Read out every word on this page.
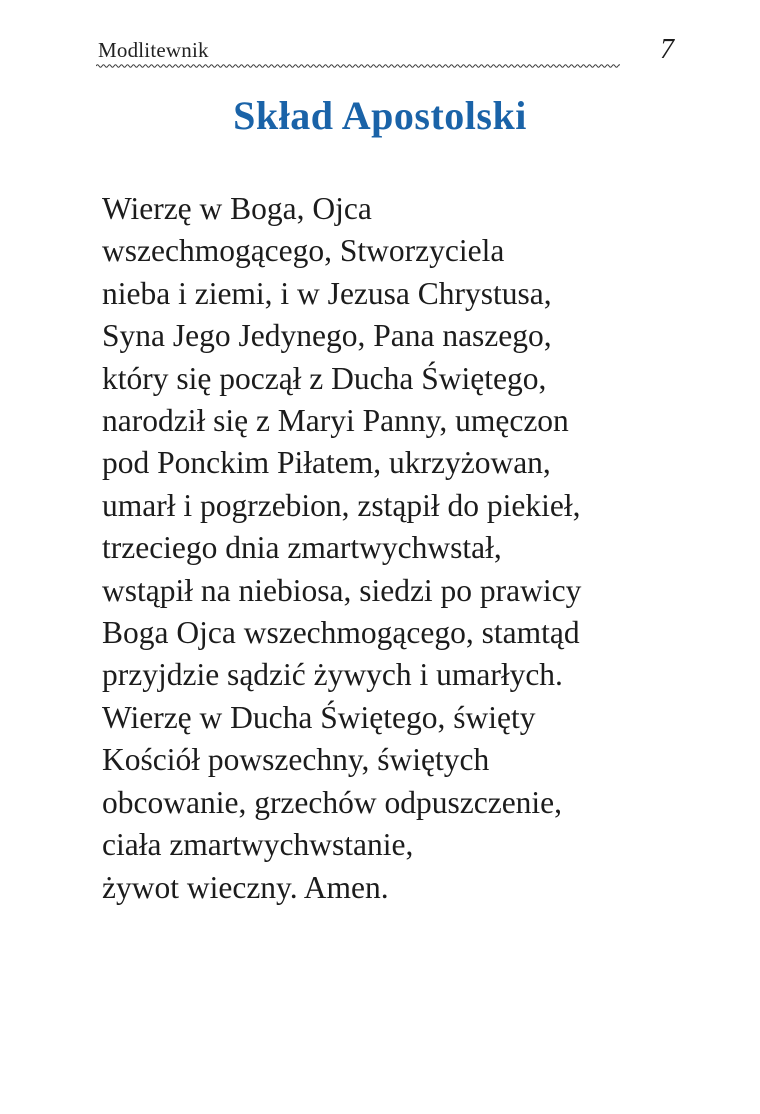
Modlitewnik	7
Skład Apostolski
Wierzę w Boga, Ojca
wszechmogącego, Stworzyciela
nieba i ziemi, i w Jezusa Chrystusa,
Syna Jego Jedynego, Pana naszego,
który się począł z Ducha Świętego,
narodził się z Maryi Panny, umęczon
pod Ponckim Piłatem, ukrzyżowan,
umarł i pogrzebion, zstąpił do piekieł,
trzeciego dnia zmartwychwstał,
wstąpił na niebiosa, siedzi po prawicy
Boga Ojca wszechmogącego, stamtąd
przyjdzie sądzić żywych i umarłych.
Wierzę w Ducha Świętego, święty
Kościół powszechny, świętych
obcowanie, grzechów odpuszczenie,
ciała zmartwychwstanie,
żywot wieczny. Amen.
